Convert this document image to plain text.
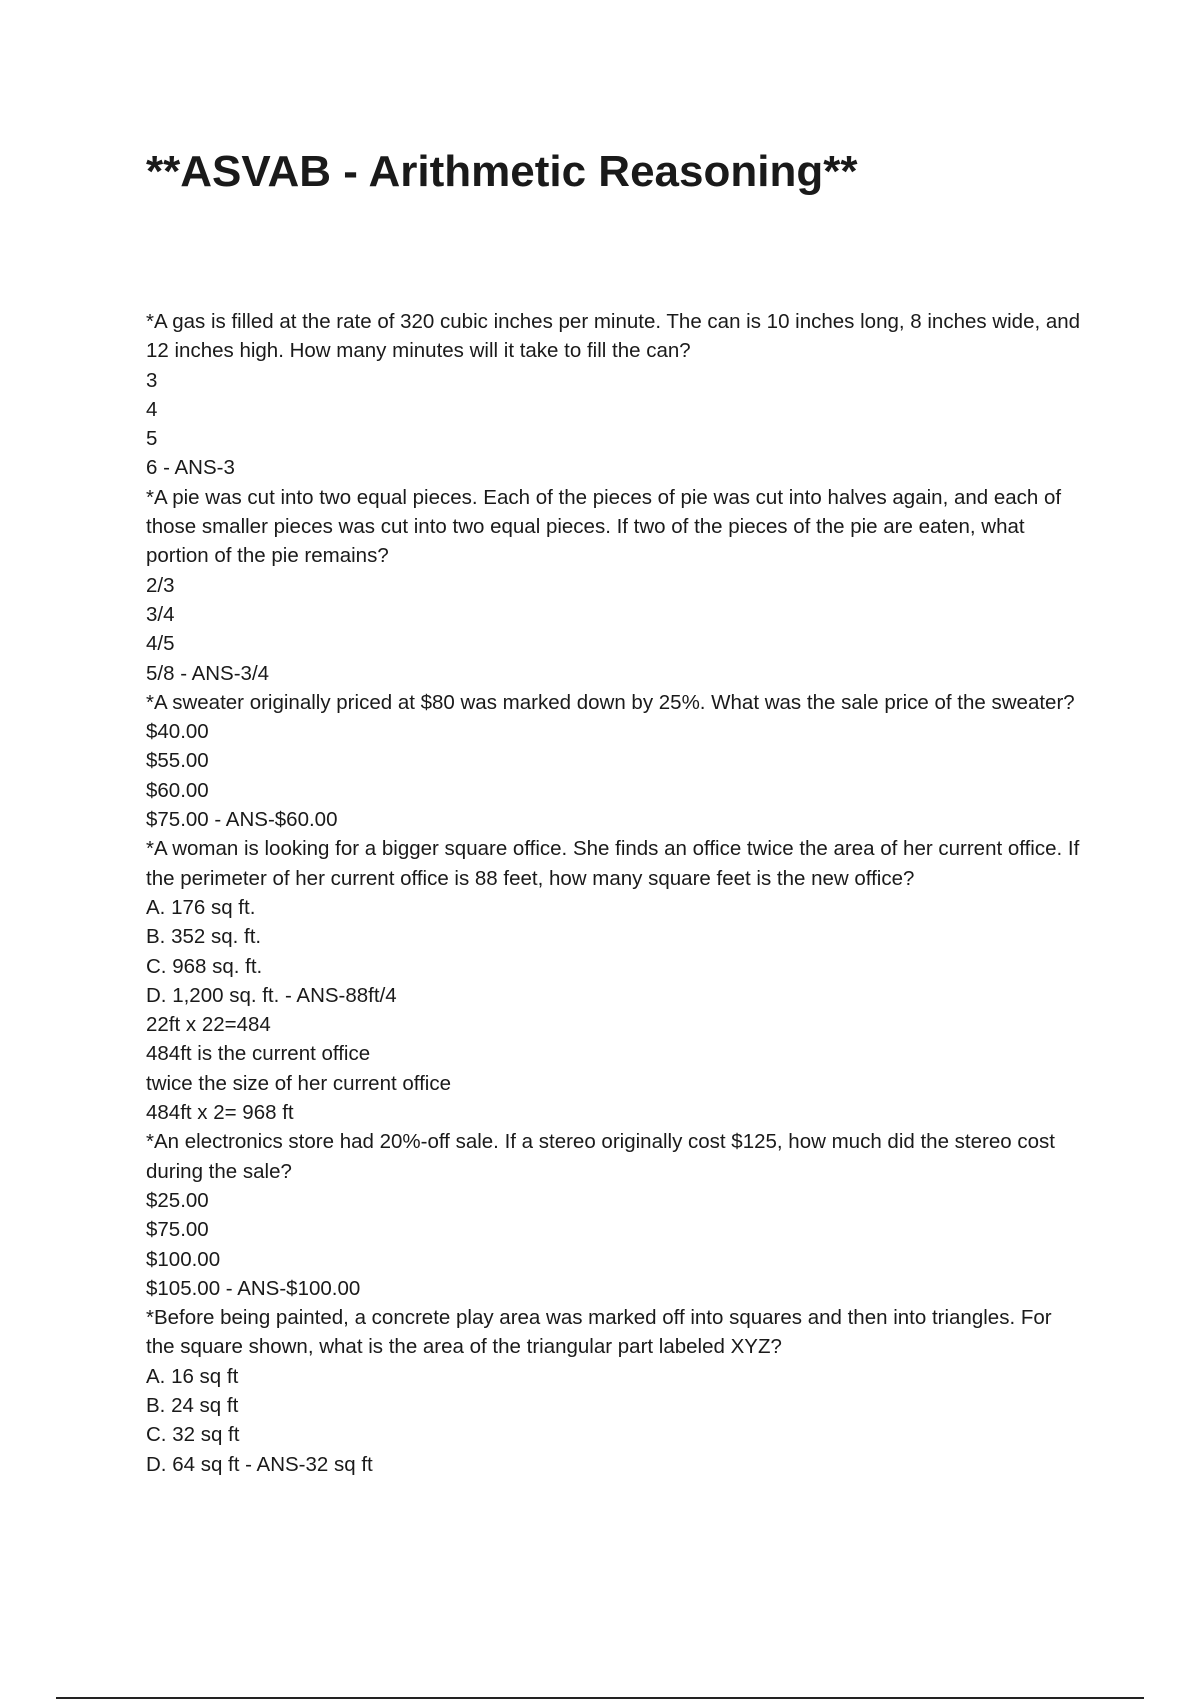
**ASVAB - Arithmetic Reasoning**

*A gas is filled at the rate of 320 cubic inches per minute. The can is 10 inches long, 8 inches wide, and 12 inches high. How many minutes will it take to fill the can?

3

4

5

6 - ANS-3

*A pie was cut into two equal pieces. Each of the pieces of pie was cut into halves again, and each of those smaller pieces was cut into two equal pieces. If two of the pieces of the pie are eaten, what portion of the pie remains?

2/3

3/4

4/5

5/8 - ANS-3/4

*A sweater originally priced at $80 was marked down by 25%. What was the sale price of the sweater?

$40.00

$55.00

$60.00

$75.00 - ANS-$60.00

*A woman is looking for a bigger square office. She finds an office twice the area of her current office. If the perimeter of her current office is 88 feet, how many square feet is the new office?

A. 176 sq ft.

B. 352 sq. ft.

C. 968 sq. ft.

D. 1,200 sq. ft. - ANS-88ft/4

22ft x 22=484

484ft is the current office

twice the size of her current office

484ft x 2= 968 ft

*An electronics store had 20%-off sale. If a stereo originally cost $125, how much did the stereo cost during the sale?

$25.00

$75.00

$100.00

$105.00 - ANS-$100.00

*Before being painted, a concrete play area was marked off into squares and then into triangles. For the square shown, what is the area of the triangular part labeled XYZ?

A. 16 sq ft

B. 24 sq ft

C. 32 sq ft

D. 64 sq ft - ANS-32 sq ft
